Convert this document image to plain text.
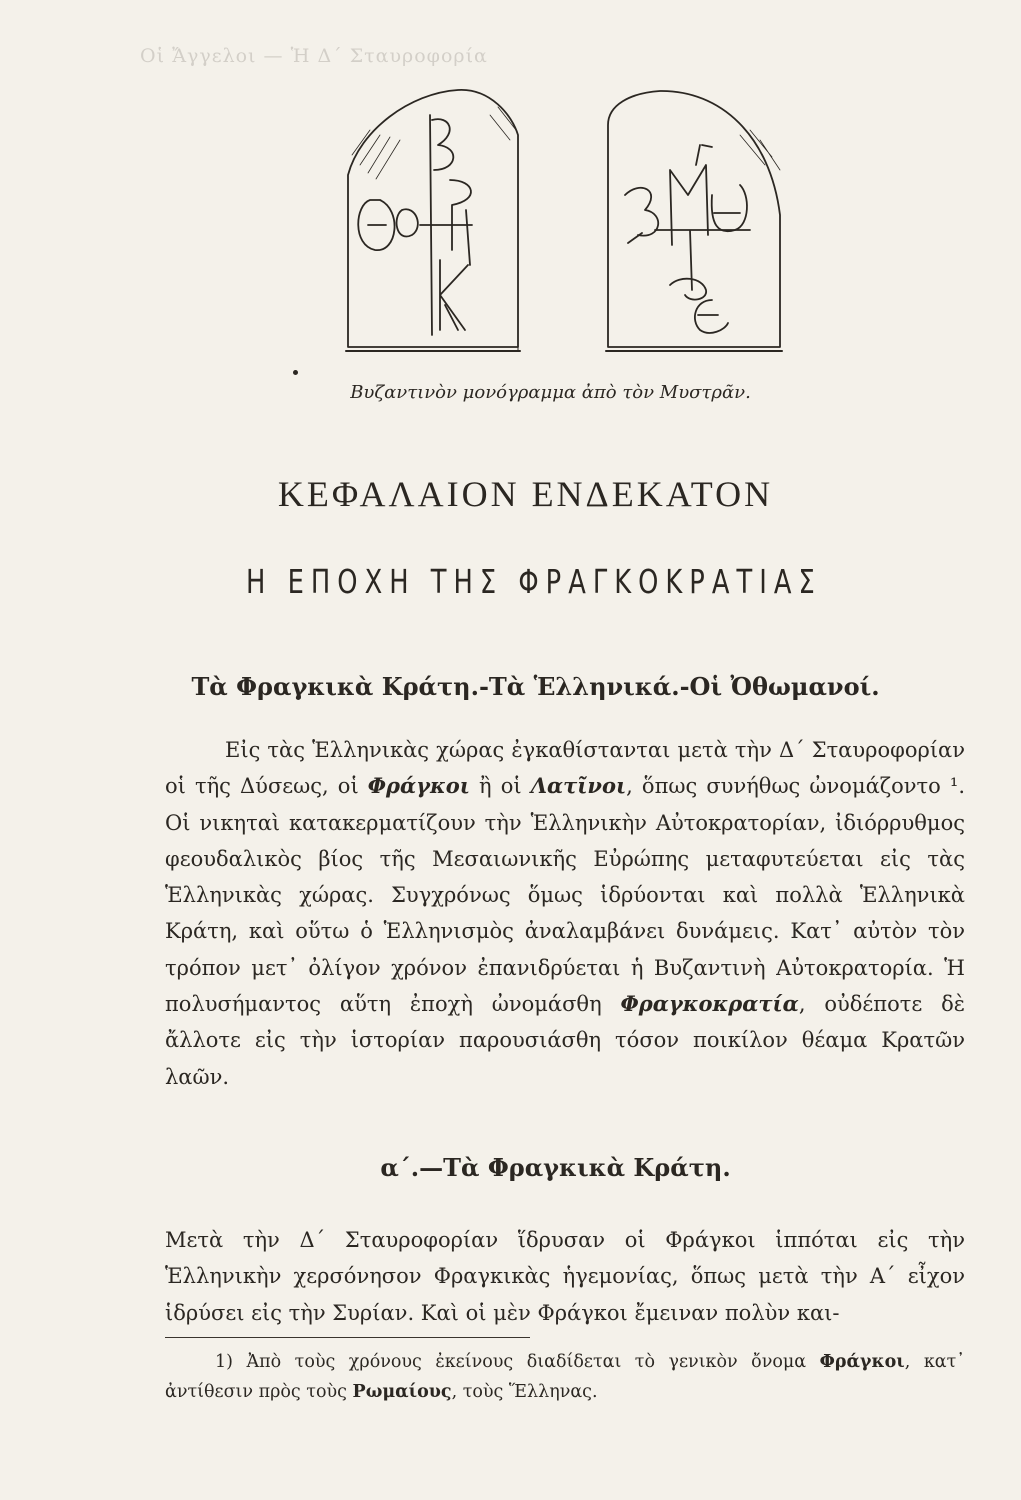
Οἱ Ἄγγελοι — Ἡ Δ΄ Σταυροφορία
Βυζαντινὸν μονόγραμμα ἀπὸ τὸν Μυστρᾶν.
ΚΕΦΑΛΑΙΟΝ ΕΝΔΕΚΑΤΟΝ
Η ΕΠΟΧΗ ΤΗΣ ΦΡΑΓΚΟΚΡΑΤΙΑΣ
Τὰ Φραγκικὰ Κράτη.-Τὰ Ἑλληνικά.-Οἱ Ὀθωμανοί.
Εἰς τὰς Ἑλληνικὰς χώρας ἐγκαθίστανται μετὰ τὴν Δ΄ Σταυροφορίαν οἱ τῆς Δύσεως, οἱ Φράγκοι ἢ οἱ Λατῖνοι, ὅπως συνήθως ὠνομάζοντο ¹. Οἱ νικηταὶ κατακερματίζουν τὴν Ἑλληνικὴν Αὐτοκρατορίαν, ἰδιόρρυθμος φεουδαλικὸς βίος τῆς Μεσαιωνικῆς Εὐρώπης μεταφυτεύεται εἰς τὰς Ἑλληνικὰς χώρας. Συγχρόνως ὅμως ἱδρύονται καὶ πολλὰ Ἑλληνικὰ Κράτη, καὶ οὕτω ὁ Ἑλληνισμὸς ἀναλαμβάνει δυνάμεις. Κατ᾽ αὐτὸν τὸν τρόπον μετ᾽ ὀλίγον χρόνον ἐπανιδρύεται ἡ Βυζαντινὴ Αὐτοκρατορία. Ἡ πολυσήμαντος αὕτη ἐποχὴ ὠνομάσθη Φραγκοκρατία, οὐδέποτε δὲ ἄλλοτε εἰς τὴν ἱστορίαν παρουσιάσθη τόσον ποικίλον θέαμα Κρατῶν λαῶν.
α΄.—Τὰ Φραγκικὰ Κράτη.
Μετὰ τὴν Δ΄ Σταυροφορίαν ἵδρυσαν οἱ Φράγκοι ἱππόται εἰς τὴν Ἑλληνικὴν χερσόνησον Φραγκικὰς ἡγεμονίας, ὅπως μετὰ τὴν Α΄ εἶχον ἱδρύσει εἰς τὴν Συρίαν. Καὶ οἱ μὲν Φράγκοι ἔμειναν πολὺν και-
1) Ἀπὸ τοὺς χρόνους ἐκείνους διαδίδεται τὸ γενικὸν ὄνομα Φράγκοι, κατ᾽ ἀντίθεσιν πρὸς τοὺς Ρωμαίους, τοὺς Ἕλληνας.
